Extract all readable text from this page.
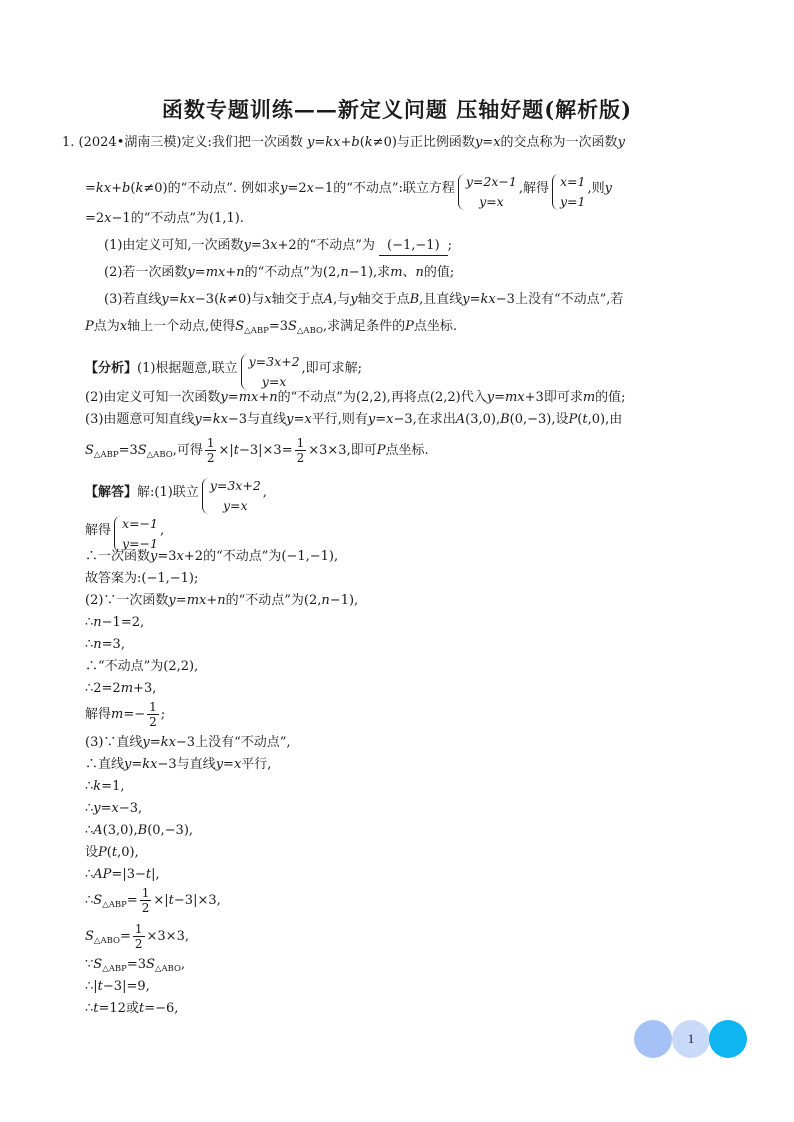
函数专题训练——新定义问题 压轴好题(解析版)
1. (2024•湖南三模)定义:我们把一次函数 y=kx+b(k≠0)与正比例函数y=x的交点称为一次函数y
=kx+b(k≠0)的“不动点”. 例如求y=2x−1的“不动点”:联立方程 y=2x−1
y=x
,解得 x=1
y=1
,则y
=2x−1的“不动点”为(1,1).
(1)由定义可知,一次函数y=3x+2的“不动点”为 (−1,−1) ;
(2)若一次函数y=mx+n的“不动点”为(2,n−1),求m、n的值;
(3)若直线y=kx−3(k≠0)与x轴交于点A,与y轴交于点B,且直线y=kx−3上没有“不动点”,若
P点为x轴上一个动点,使得$S_{\triangle ABP}=3S_{\triangle ABO}$,求满足条件的P点坐标.
【分析】(1)根据题意,联立 y=3x+2
y=x
,即可求解;
(2)由定义可知一次函数y=mx+n的“不动点”为(2,2),再将点(2,2)代入y=mx+3即可求m的值;
(3)由题意可知直线y=kx−3与直线y=x平行,则有y=x−3,在求出A(3,0),B(0,−3),设P(t,0),由
$S_{\triangle ABP}=3S_{\triangle ABO}$,可得 $\frac{1}{2} \times|t-3|\times 3= \frac{1}{2} \times 3\times 3$,即可P点坐标.
【解答】解:(1)联立 y=3x+2
y=x
,
解得 x=−1
y=−1
,
∴一次函数y=3x+2的“不动点”为(−1,−1),
故答案为:(−1,−1);
(2)∵一次函数y=mx+n的“不动点”为(2,n−1),
∴n−1=2,
∴n=3,
∴“不动点”为(2,2),
∴2=2m+3,
解得$m=- \frac{1}{2}$ ;
(3)∵直线y=kx−3上没有“不动点”,
∴直线y=kx−3与直线y=x平行,
∴k=1,
∴y=x−3,
∴A(3,0),B(0,−3),
设P(t,0),
∴AP=|3−t|,
$\therefore S_{\triangle ABP}= \frac{1}{2} \times|t-3|\times 3$,
$S_{\triangle ABO}= \frac{1}{2} \times 3\times 3$,
$\because S_{\triangle ABP}=3S_{\triangle ABO}$,
∴|t−3|=9,
∴t=12或t=−6,
1
